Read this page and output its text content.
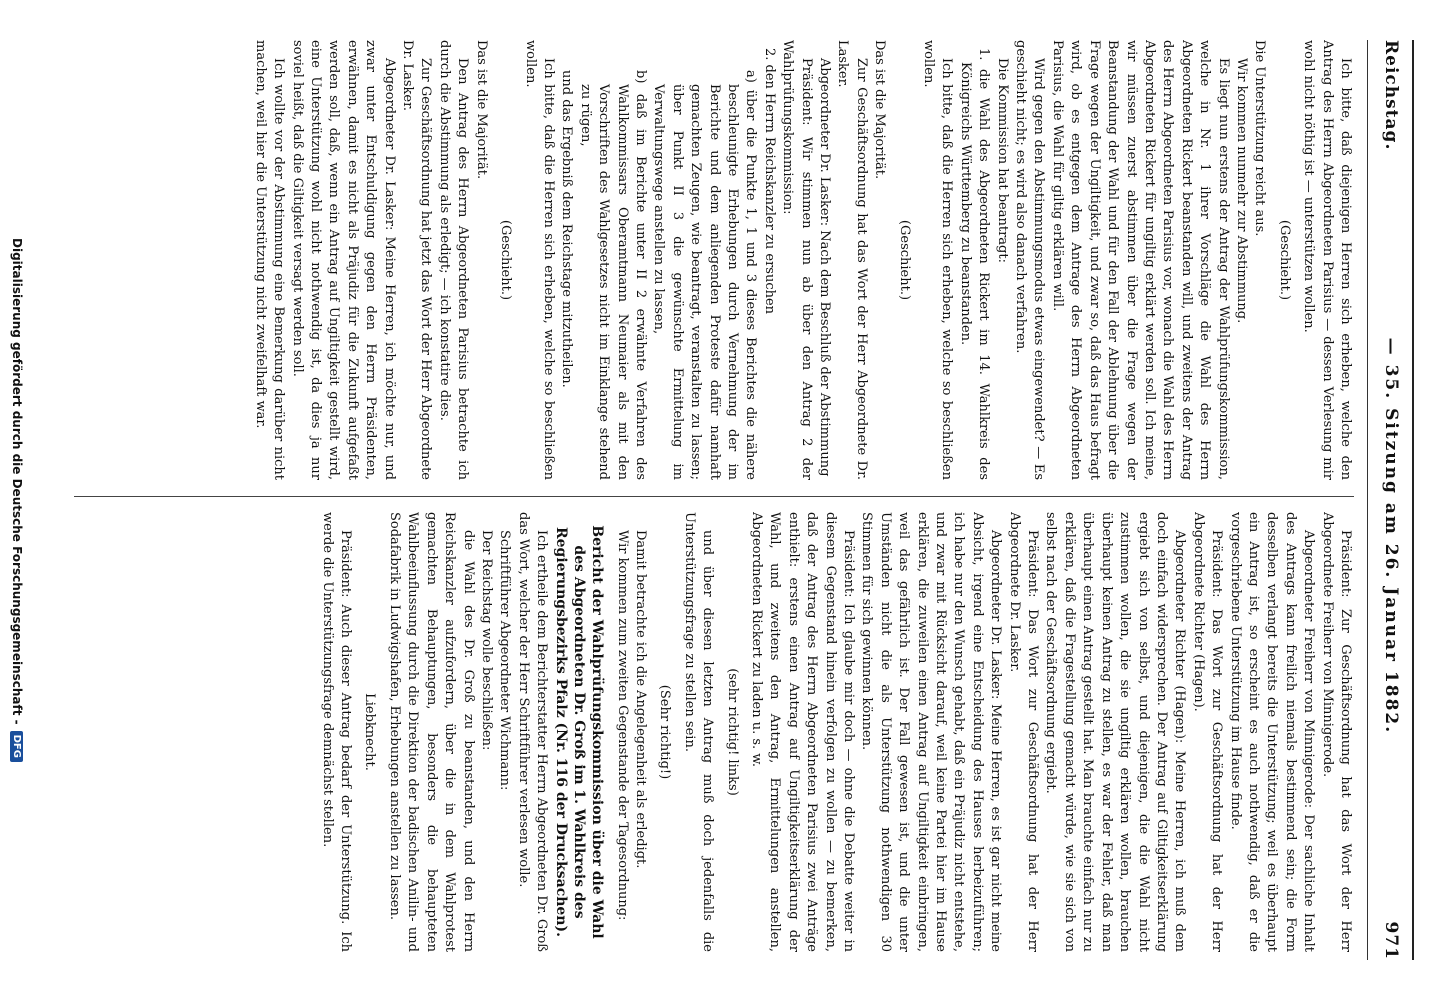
Reichstag.
— 35. Sitzung am 26. Januar 1882.
971

Ich bitte, daß diejenigen Herren sich erheben, welche den Antrag des Herrn Abgeordneten Parisius — dessen Verlesung mir wohl nicht nöthig ist — unterstützen wollen.

(Geschieht.)

Die Unterstützung reicht aus.

Wir kommen nunmehr zur Abstimmung.

Es liegt nun erstens der Antrag der Wahlprüfungskommission, welche in Nr. 1 ihrer Vorschläge die Wahl des Herrn Abgeordneten Rickert beanstanden will, und zweitens der Antrag des Herrn Abgeordneten Parisius vor, wonach die Wahl des Herrn Abgeordneten Rickert für ungiltig erklärt werden soll. Ich meine, wir müssen zuerst abstimmen über die Frage wegen der Beanstandung der Wahl und für den Fall der Ablehnung über die Frage wegen der Ungiltigkeit, und zwar so, daß das Haus befragt wird, ob es entgegen dem Antrage des Herrn Abgeordneten Parisius, die Wahl für giltig erklären will.

Wird gegen den Abstimmungsmodus etwas eingewendet? — Es geschieht nicht; es wird also danach verfahren.

Die Kommission hat beantragt:

1. die Wahl des Abgeordneten Rickert im 14. Wahlkreis des Königreichs Württemberg zu beanstanden.

Ich bitte, daß die Herren sich erheben, welche so beschließen wollen.

(Geschieht.)

Das ist die Majorität.

Zur Geschäftsordnung hat das Wort der Herr Abgeordnete Dr. Lasker.

Abgeordneter Dr. Lasker: Nach dem Beschluß der Abstimmung

Präsident: Wir stimmen nun ab über den Antrag 2 der Wahlprüfungskommission:

2. den Herrn Reichskanzler zu ersuchen

a) über die Punkte 1, 1 und 3 dieses Berichtes die nähere beschleunigte Erhebungen durch Vernehmung der im Berichte und dem anliegenden Proteste dafür namhaft gemachten Zeugen, wie beantragt, veranstalten zu lassen; über Punkt II 3 die gewünschte Ermittelung im Verwaltungswege anstellen zu lassen,

b) daß im Berichte unter II 2 erwähnte Verfahren des Wahlkommissars Oberamtmann Neumaier als mit den Vorschriften des Wahlgesetzes nicht im Einklange stehend zu rügen,

und das Ergebniß dem Reichstage mitzutheilen.

Ich bitte, daß die Herren sich erheben, welche so beschließen wollen.

(Geschieht.)

Das ist die Majorität.

Den Antrag des Herrn Abgeordneten Parisius betrachte ich durch die Abstimmung als erledigt; — ich konstatire dies.

Zur Geschäftsordnung hat jetzt das Wort der Herr Abgeordnete Dr. Lasker.

Abgeordneter Dr. Lasker: Meine Herren, ich möchte nur, und zwar unter Entschuldigung gegen den Herrn Präsidenten, erwähnen, damit es nicht als Präjudiz für die Zukunft aufgefaßt werden soll, daß, wenn ein Antrag auf Ungiltigkeit gestellt wird, eine Unterstützung wohl nicht nothwendig ist, da dies ja nur soviel heißt, daß die Giltigkeit versagt werden soll.

Ich wollte vor der Abstimmung eine Bemerkung darüber nicht machen, weil hier die Unterstützung nicht zweifelhaft war.

Präsident: Zur Geschäftsordnung hat das Wort der Herr Abgeordnete Freiherr von Minnigerode.

Abgeordneter Freiherr von Minnigerode: Der sachliche Inhalt des Antrags kann freilich niemals bestimmend sein; die Form desselben verlangt bereits die Unterstützung; weil es überhaupt ein Antrag ist, so erscheint es auch nothwendig, daß er die vorgeschriebene Unterstützung im Hause finde.

Präsident: Das Wort zur Geschäftsordnung hat der Herr Abgeordnete Richter (Hagen).

Abgeordneter Richter (Hagen): Meine Herren, ich muß dem doch einfach widersprechen. Der Antrag auf Giltigkeitserklärung ergiebt sich von selbst, und diejenigen, die die Wahl nicht zustimmen wollen, die sie ungiltig erklären wollen, brauchen überhaupt keinen Antrag zu stellen, es war der Fehler, daß man überhaupt einen Antrag gestellt hat. Man brauchte einfach nur zu erklären, daß die Fragestellung gemacht würde, wie sie sich von selbst nach der Geschäftsordnung ergiebt.

Präsident: Das Wort zur Geschäftsordnung hat der Herr Abgeordnete Dr. Lasker.

Abgeordneter Dr. Lasker: Meine Herren, es ist gar nicht meine Absicht, irgend eine Entscheidung des Hauses herbeizuführen; ich habe nur den Wunsch gehabt, daß ein Präjudiz nicht entstehe, und zwar mit Rücksicht darauf, weil keine Partei hier im Hause erklären, die zuweilen einen Antrag auf Ungiltigkeit einbringen, weil das gefährlich ist. Der Fall gewesen ist, und die unter Umständen nicht die als Unterstützung nothwendigen 30 Stimmen für sich gewinnen können.

Präsident: Ich glaube mir doch — ohne die Debatte weiter in diesem Gegenstand hinein verfolgen zu wollen — zu bemerken, daß der Antrag des Herrn Abgeordneten Parisius zwei Anträge enthielt: erstens einen Antrag auf Ungiltigkeitserklärung der Wahl, und zweitens den Antrag, Ermittelungen anstellen, Abgeordneten Rickert zu laden u. s. w.

(sehr richtig! links)

und über diesen letzten Antrag muß doch jedenfalls die Unterstützungsfrage zu stellen sein.

(Sehr richtig!)

Damit betrachte ich die Angelegenheit als erledigt.

Wir kommen zum zweiten Gegenstande der Tagesordnung:

Bericht der Wahlprüfungskommission über die Wahl des Abgeordneten Dr. Groß im 1. Wahlkreis des Regierungsbezirks Pfalz (Nr. 116 der Drucksachen).

Ich ertheile dem Berichterstatter Herrn Abgeordneten Dr. Groß das Wort, welcher der Herr Schriftführer verlesen wolle.

Schriftführer Abgeordneter Wichmann:

Der Reichstag wolle beschließen:

die Wahl des Dr. Groß zu beanstanden, und den Herrn Reichskanzler aufzufordern, über die in dem Wahlprotest gemachten Behauptungen, besonders die behaupteten Wahlbeeinflussung durch die Direktion der badischen Anilin- und Sodafabrik in Ludwigshafen, Erhebungen anstellen zu lassen.

Liebknecht.

Präsident: Auch dieser Antrag bedarf der Unterstützung. Ich werde die Unterstützungsfrage demnächst stellen.

Digitalisierung gefördert durch die Deutsche Forschungsgemeinschaft -
DFG
